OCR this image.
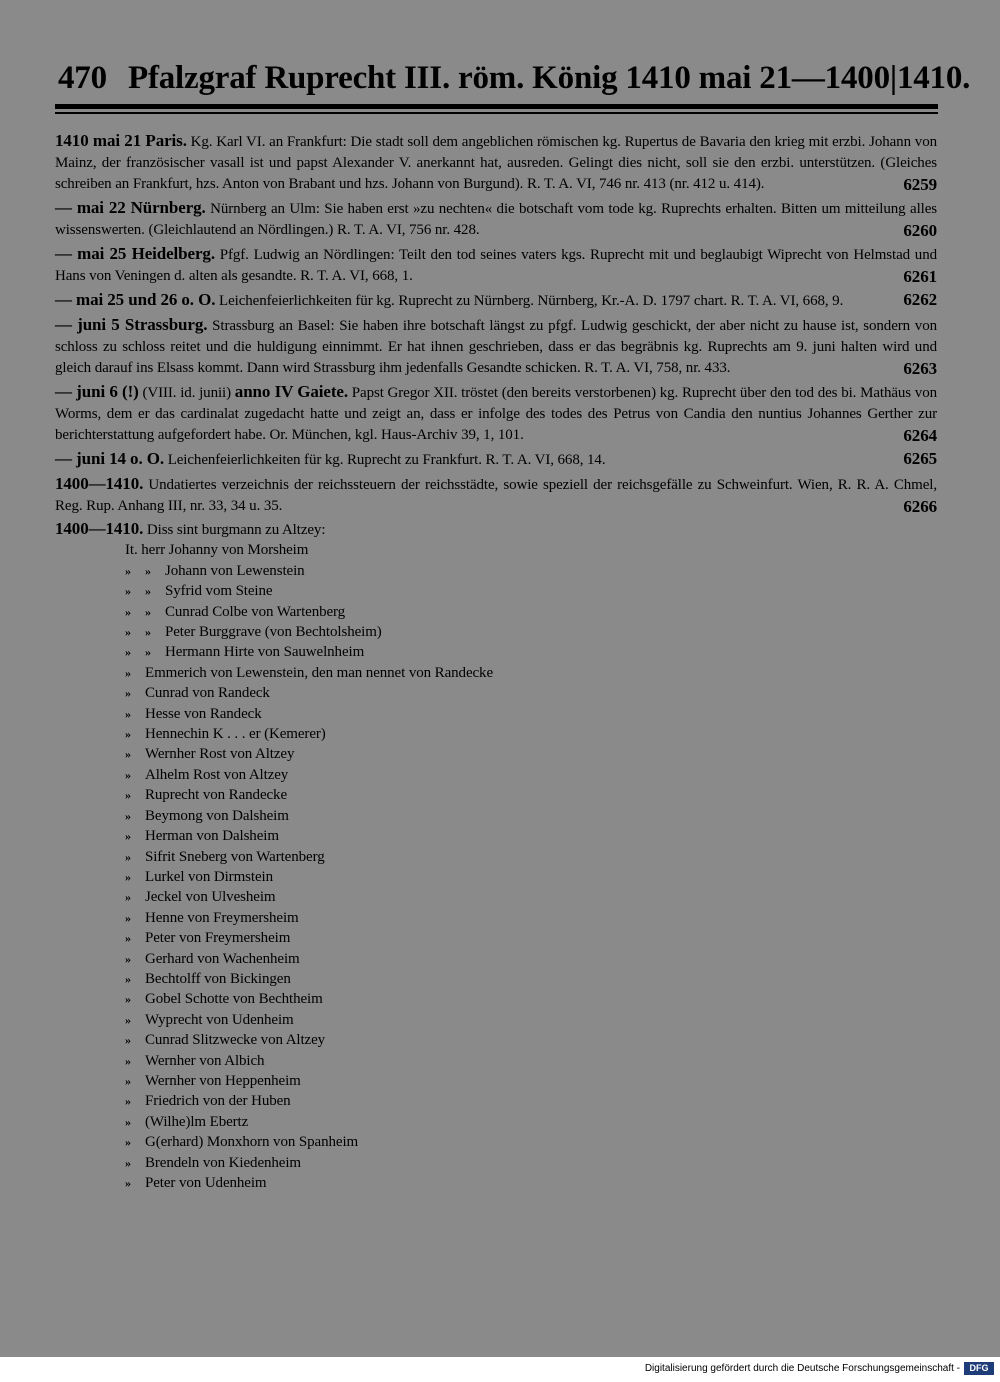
470 Pfalzgraf Ruprecht III. röm. König 1410 mai 21—1400|1410.

1410 mai 21 Paris. Kg. Karl VI. an Frankfurt: Die stadt soll dem angeblichen römischen kg. Rupertus de Bavaria den krieg mit erzbi. Johann von Mainz, der französischer vasall ist und papst Alexander V. anerkannt hat, ausreden. Gelingt dies nicht, soll sie den erzbi. unterstützen. (Gleiches schreiben an Frankfurt, hzs. Anton von Brabant und hzs. Johann von Burgund). R. T. A. VI, 746 nr. 413 (nr. 412 u. 414).	6259

— mai 22 Nürnberg. Nürnberg an Ulm: Sie haben erst »zu nechten« die botschaft vom tode kg. Ruprechts erhalten. Bitten um mitteilung alles wissenswerten. (Gleichlautend an Nördlingen.) R. T. A. VI, 756 nr. 428.	6260

— mai 25 Heidelberg. Pfgf. Ludwig an Nördlingen: Teilt den tod seines vaters kgs. Ruprecht mit und beglaubigt Wiprecht von Helmstad und Hans von Veningen d. alten als gesandte. R. T. A. VI, 668, 1.	6261

— mai 25 und 26 o. O. Leichenfeierlichkeiten für kg. Ruprecht zu Nürnberg. Nürnberg, Kr.-A. D. 1797 chart. R. T. A. VI, 668, 9.	6262

— juni 5 Strassburg. Strassburg an Basel: Sie haben ihre botschaft längst zu pfgf. Ludwig geschickt, der aber nicht zu hause ist, sondern von schloss zu schloss reitet und die huldigung einnimmt. Er hat ihnen geschrieben, dass er das begräbnis kg. Ruprechts am 9. juni halten wird und gleich darauf ins Elsass kommt. Dann wird Strassburg ihm jedenfalls Gesandte schicken. R. T. A. VI, 758, nr. 433.	6263

— juni 6 (!) (VIII. id. junii) anno IV Gaiete. Papst Gregor XII. tröstet (den bereits verstorbenen) kg. Ruprecht über den tod des bi. Mathäus von Worms, dem er das cardinalat zugedacht hatte und zeigt an, dass er infolge des todes des Petrus von Candia den nuntius Johannes Gerther zur berichterstattung aufgefordert habe. Or. München, kgl. Haus-Archiv 39, 1, 101.	6264

— juni 14 o. O. Leichenfeierlichkeiten für kg. Ruprecht zu Frankfurt. R. T. A. VI, 668, 14.	6265

1400—1410. Undatiertes verzeichnis der reichssteuern der reichsstädte, sowie speziell der reichsgefälle zu Schweinfurt. Wien, R. R. A. Chmel, Reg. Rup. Anhang III, nr. 33, 34 u. 35.	6266

1400—1410. Diss sint burgmann zu Altzey:

It. herr Johanny von Morsheim

» » Johann von Lewenstein

» » Syfrid vom Steine

» » Cunrad Colbe von Wartenberg

» » Peter Burggrave (von Bechtolsheim)

» » Hermann Hirte von Sauwelnheim

» Emmerich von Lewenstein, den man nennet von Randecke

» Cunrad von Randeck

» Hesse von Randeck

» Hennechin K . . . er (Kemerer)

» Wernher Rost von Altzey

» Alhelm Rost von Altzey

» Ruprecht von Randecke

» Beymong von Dalsheim

» Herman von Dalsheim

» Sifrit Sneberg von Wartenberg

» Lurkel von Dirmstein

» Jeckel von Ulvesheim

» Henne von Freymersheim

» Peter von Freymersheim

» Gerhard von Wachenheim

» Bechtolff von Bickingen

» Gobel Schotte von Bechtheim

» Wyprecht von Udenheim

» Cunrad Slitzwecke von Altzey

» Wernher von Albich

» Wernher von Heppenheim

» Friedrich von der Huben

» (Wilhe)lm Ebertz

» G(erhard) Monxhorn von Spanheim

» Brendeln von Kiedenheim

» Peter von Udenheim

Digitalisierung gefördert durch die Deutsche Forschungsgemeinschaft -	DFG
